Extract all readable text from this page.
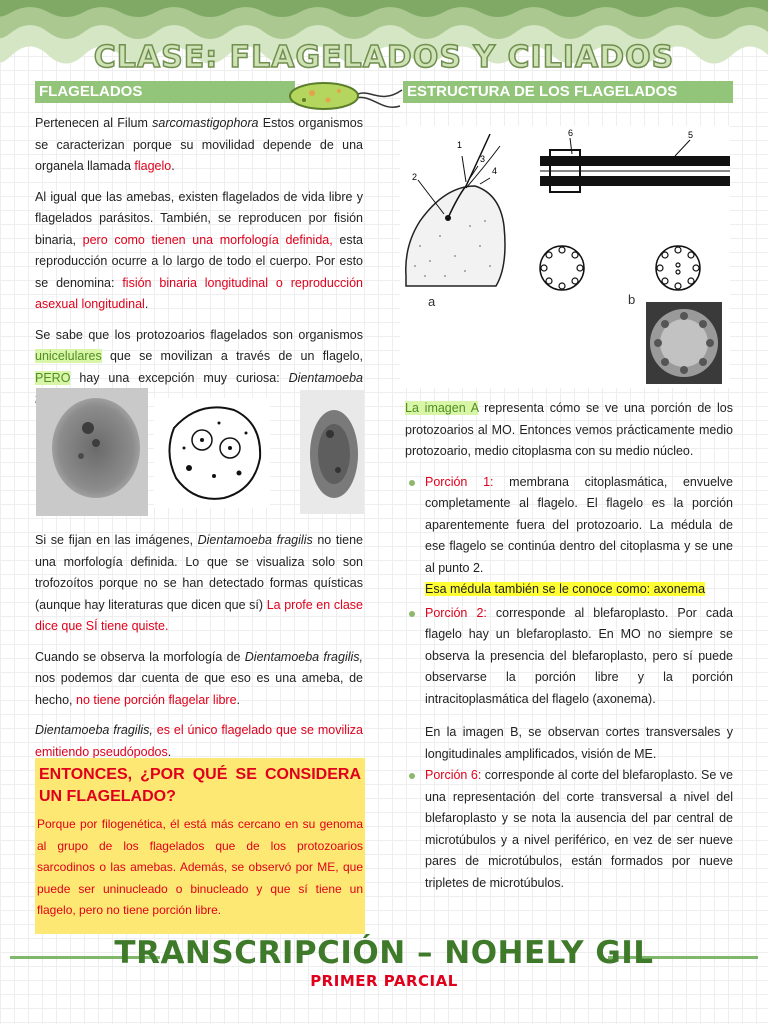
CLASE: FLAGELADOS Y CILIADOS
FLAGELADOS	ESTRUCTURA DE LOS FLAGELADOS

Pertenecen al Filum sarcomastigophora Estos organismos se caracterizan porque su movilidad depende de una organela llamada flagelo.

Al igual que las amebas, existen flagelados de vida libre y flagelados parásitos. También, se reproducen por fisión binaria, pero como tienen una morfología definida, esta reproducción ocurre a lo largo de todo el cuerpo. Por esto se denomina: fisión binaria longitudinal o reproducción asexual longitudinal.

Se sabe que los protozoarios flagelados son organismos unicelulares que se movilizan a través de un flagelo, PERO hay una excepción muy curiosa: Dientamoeba

Si se fijan en las imágenes, Dientamoeba fragilis no tiene una morfología definida. Lo que se visualiza solo son trofozoítos porque no se han detectado formas quísticas (aunque hay literaturas que dicen que sí) La profe en clase dice que SÍ tiene quiste.

Cuando se observa la morfología de Dientamoeba fragilis, nos podemos dar cuenta de que eso es una ameba, de hecho, no tiene porción flagelar libre.

Dientamoeba fragilis, es el único flagelado que se moviliza emitiendo pseudópodos.

ENTONCES, ¿POR QUÉ SE CONSIDERA UN FLAGELADO?
Porque por filogenética, él está más cercano en su genoma al grupo de los flagelados que de los protozoarios sarcodinos o las amebas. Además, se observó por ME, que puede ser uninucleado o binucleado y que sí tiene un flagelo, pero no tiene porción libre.
1
2
3
4
6	5
a	b

La imagen A representa cómo se ve una porción de los protozoarios al MO. Entonces vemos prácticamente medio protozoario, medio citoplasma con su medio núcleo.

Porción 1: membrana citoplasmática, envuelve completamente al flagelo. El flagelo es la porción aparentemente fuera del protozoario. La médula de ese flagelo se continúa dentro del citoplasma y se une al punto 2.
Esa médula también se le conoce como: axonema
Porción 2: corresponde al blefaroplasto. Por cada flagelo hay un blefaroplasto. En MO no siempre se observa la presencia del blefaroplasto, pero sí puede observarse la porción libre y la porción intracitoplasmática del flagelo (axonema).

En la imagen B, se observan cortes transversales y longitudinales amplificados, visión de ME.

Porción 6: corresponde al corte del blefaroplasto. Se ve una representación del corte transversal a nivel del blefaroplasto y se nota la ausencia del par central de microtúbulos y a nivel periférico, en vez de ser nueve pares de microtúbulos, están formados por nueve tripletes de microtúbulos.
TRANSCRIPCIÓN – NOHELY GIL
PRIMER PARCIAL
